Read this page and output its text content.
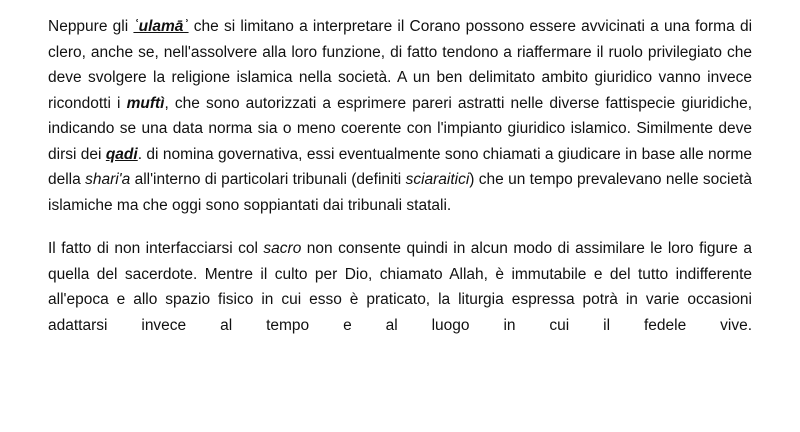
Neppure gli ʿulamāʾ che si limitano a interpretare il Corano possono essere avvicinati a una forma di clero, anche se, nell'assolvere alla loro funzione, di fatto tendono a riaffermare il ruolo privilegiato che deve svolgere la religione islamica nella società. A un ben delimitato ambito giuridico vanno invece ricondotti i muftì, che sono autorizzati a esprimere pareri astratti nelle diverse fattispecie giuridiche, indicando se una data norma sia o meno coerente con l'impianto giuridico islamico. Similmente deve dirsi dei qadi. di nomina governativa, essi eventualmente sono chiamati a giudicare in base alle norme della shari'a all'interno di particolari tribunali (definiti sciaraitici) che un tempo prevalevano nelle società islamiche ma che oggi sono soppiantati dai tribunali statali.

Il fatto di non interfacciarsi col sacro non consente quindi in alcun modo di assimilare le loro figure a quella del sacerdote. Mentre il culto per Dio, chiamato Allah, è immutabile e del tutto indifferente all'epoca e allo spazio fisico in cui esso è praticato, la liturgia espressa potrà in varie occasioni adattarsi invece al tempo e al luogo in cui il fedele vive.
